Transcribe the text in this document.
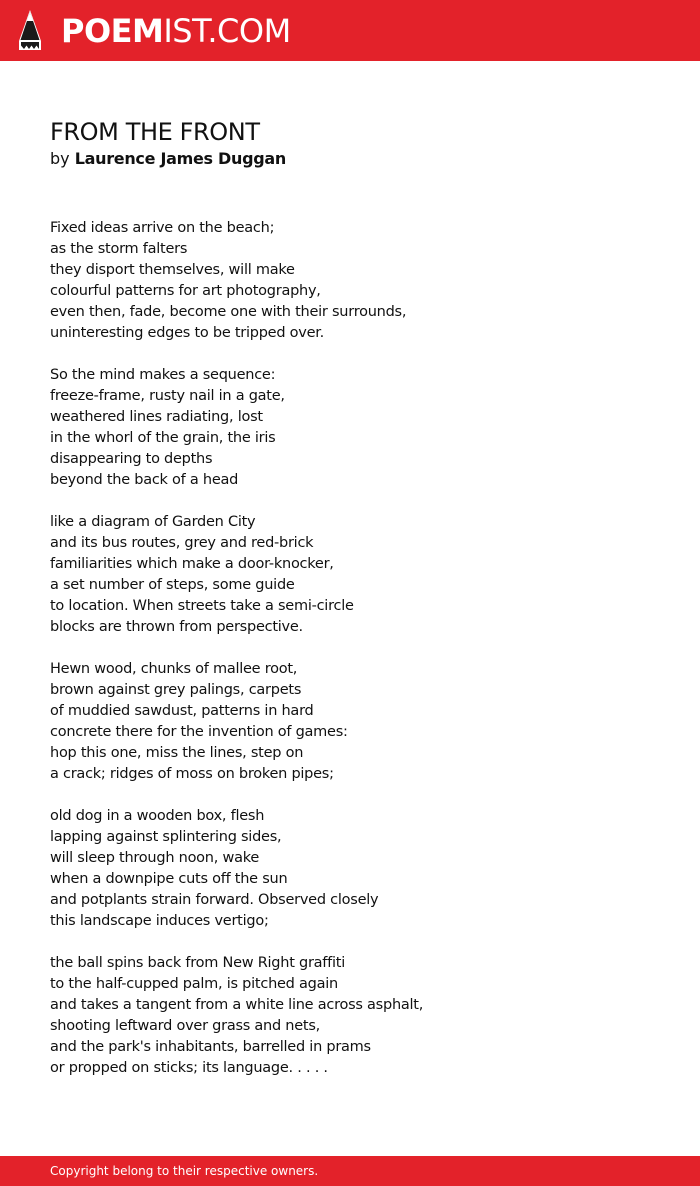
POEMIST.COM
FROM THE FRONT
by Laurence James Duggan
Fixed ideas arrive on the beach;
as the storm falters
they disport themselves, will make
colourful patterns for art photography,
even then, fade, become one with their surrounds,
uninteresting edges to be tripped over.
So the mind makes a sequence:
freeze-frame, rusty nail in a gate,
weathered lines radiating, lost
in the whorl of the grain, the iris
disappearing to depths
beyond the back of a head
like a diagram of Garden City
and its bus routes, grey and red-brick
familiarities which make a door-knocker,
a set number of steps, some guide
to location. When streets take a semi-circle
blocks are thrown from perspective.
Hewn wood, chunks of mallee root,
brown against grey palings, carpets
of muddied sawdust, patterns in hard
concrete there for the invention of games:
hop this one, miss the lines, step on
a crack; ridges of moss on broken pipes;
old dog in a wooden box, flesh
lapping against splintering sides,
will sleep through noon, wake
when a downpipe cuts off the sun
and potplants strain forward. Observed closely
this landscape induces vertigo;
the ball spins back from New Right graffiti
to the half-cupped palm, is pitched again
and takes a tangent from a white line across asphalt,
shooting leftward over grass and nets,
and the park's inhabitants, barrelled in prams
or propped on sticks; its language. . . . .
Copyright belong to their respective owners.
